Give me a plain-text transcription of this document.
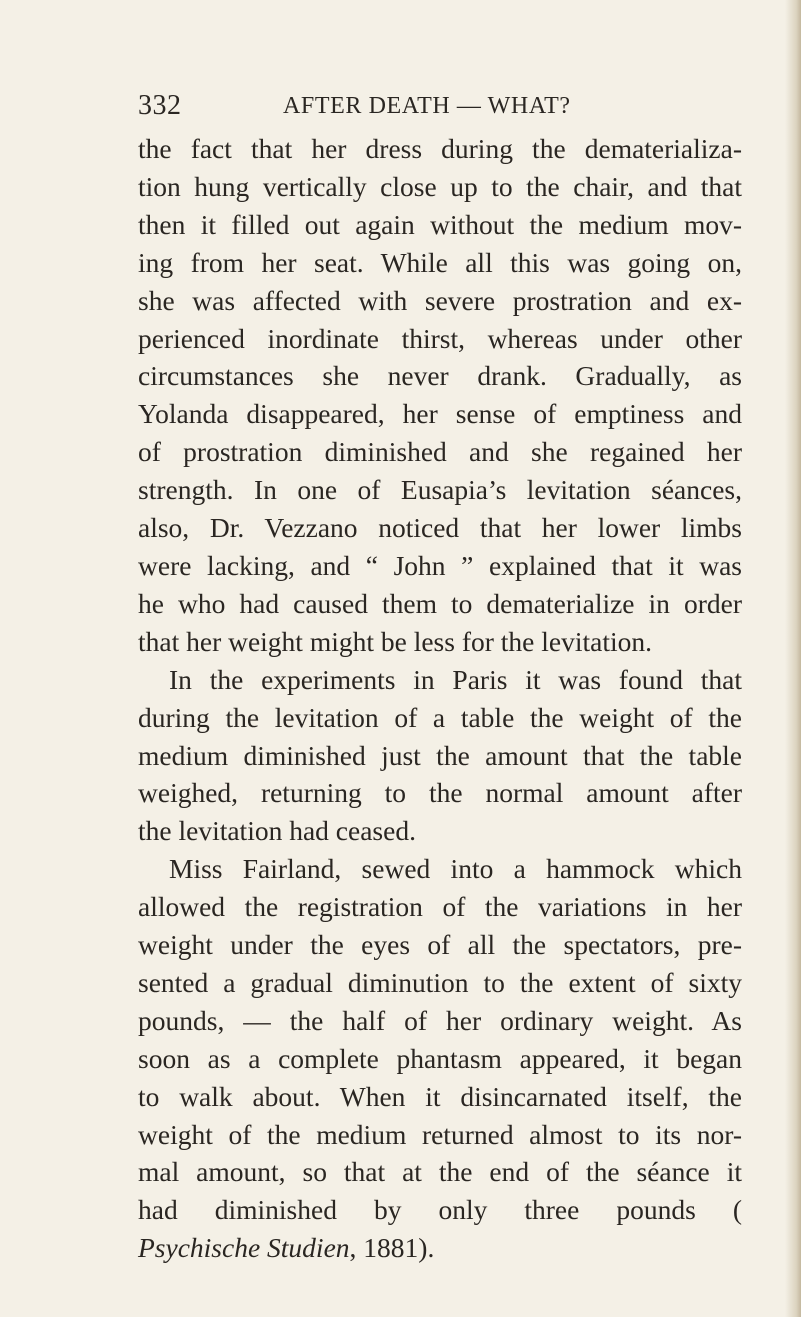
332	AFTER DEATH — WHAT?
the fact that her dress during the dematerializa-
tion hung vertically close up to the chair, and that
then it filled out again without the medium mov-
ing from her seat. While all this was going on,
she was affected with severe prostration and ex-
perienced inordinate thirst, whereas under other
circumstances she never drank. Gradually, as
Yolanda disappeared, her sense of emptiness and
of prostration diminished and she regained her
strength. In one of Eusapia’s levitation séances,
also, Dr. Vezzano noticed that her lower limbs
were lacking, and “ John ” explained that it was
he who had caused them to dematerialize in order
that her weight might be less for the levitation.
In the experiments in Paris it was found that
during the levitation of a table the weight of the
medium diminished just the amount that the table
weighed, returning to the normal amount after
the levitation had ceased.
Miss Fairland, sewed into a hammock which
allowed the registration of the variations in her
weight under the eyes of all the spectators, pre-
sented a gradual diminution to the extent of sixty
pounds, — the half of her ordinary weight. As
soon as a complete phantasm appeared, it began
to walk about. When it disincarnated itself, the
weight of the medium returned almost to its nor-
mal amount, so that at the end of the séance it
had diminished by only three pounds (
Psychische Studien, 1881).
